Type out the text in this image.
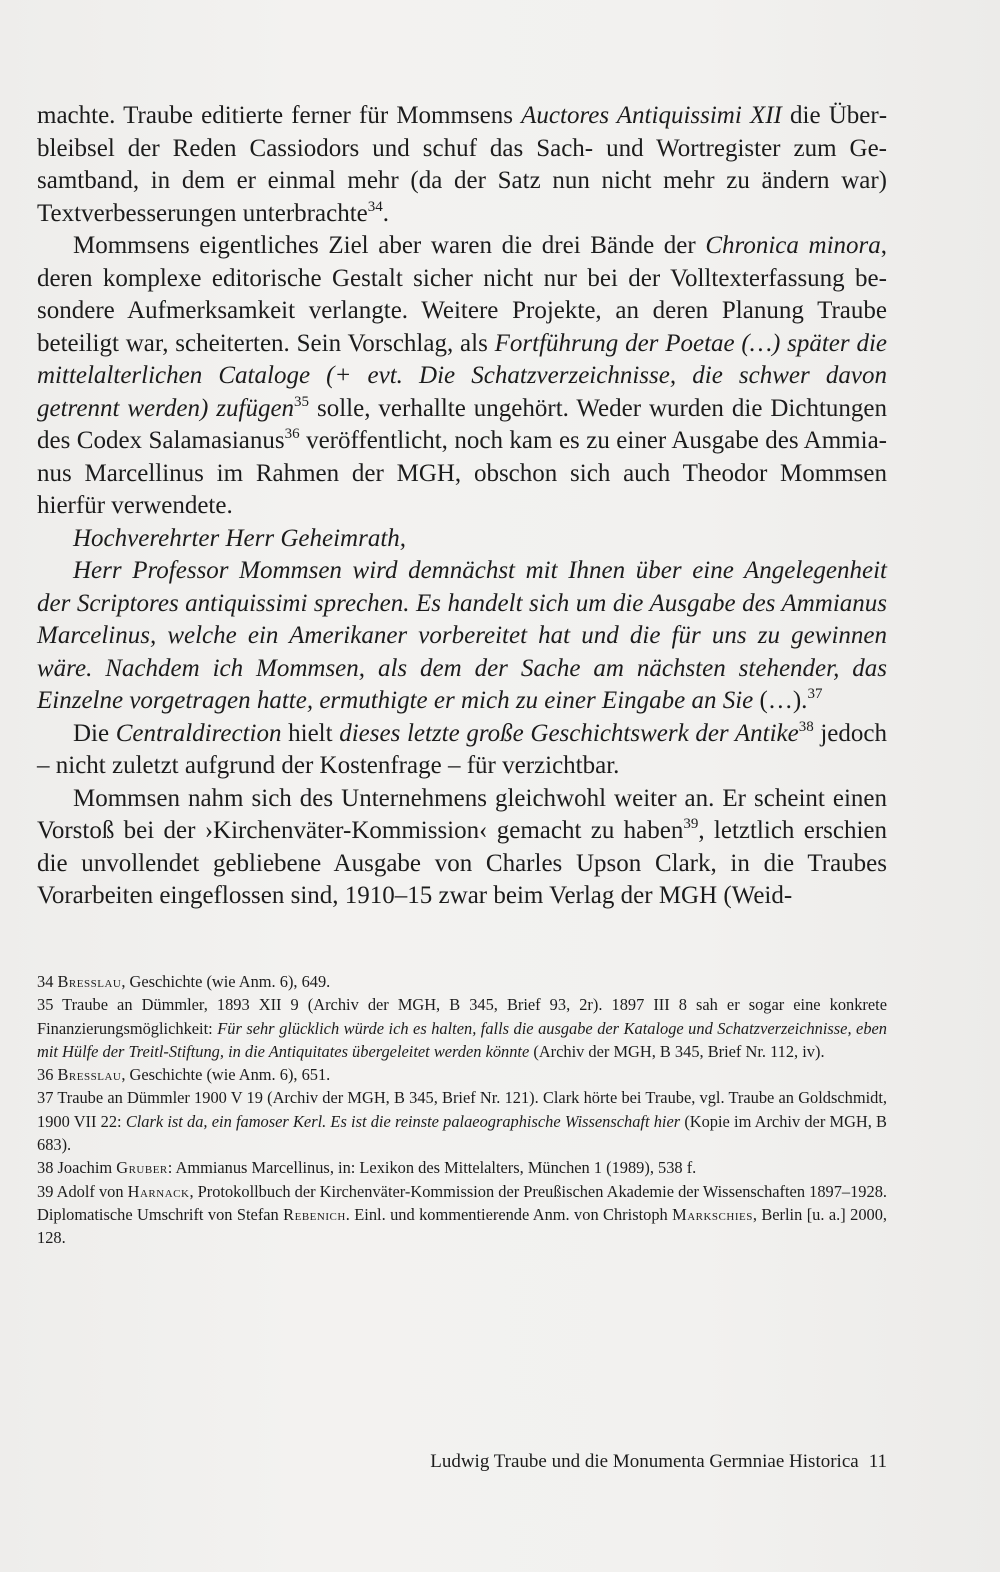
machte. Traube editierte ferner für Mommsens Auctores Antiquissimi XII die Überbleibsel der Reden Cassiodors und schuf das Sach- und Wortregister zum Gesamtband, in dem er einmal mehr (da der Satz nun nicht mehr zu ändern war) Textverbesserungen unterbrachte$^{34}$.

Mommsens eigentliches Ziel aber waren die drei Bände der Chronica minora, deren komplexe editorische Gestalt sicher nicht nur bei der Volltexterfassung besondere Aufmerksamkeit verlangte. Weitere Projekte, an deren Planung Traube beteiligt war, scheiterten. Sein Vorschlag, als Fortführung der Poetae (…) später die mittelalterlichen Cataloge (+ evt. Die Schatzverzeichnisse, die schwer davon getrennt werden) zufügen$^{35}$ solle, verhallte ungehört. Weder wurden die Dichtungen des Codex Salamasianus$^{36}$ veröffentlicht, noch kam es zu einer Ausgabe des Ammianus Marcellinus im Rahmen der MGH, obschon sich auch Theodor Mommsen hierfür verwendete.

Hochverehrter Herr Geheimrath,

Herr Professor Mommsen wird demnächst mit Ihnen über eine Angelegenheit der Scriptores antiquissimi sprechen. Es handelt sich um die Ausgabe des Ammianus Marcelinus, welche ein Amerikaner vorbereitet hat und die für uns zu gewinnen wäre. Nachdem ich Mommsen, als dem der Sache am nächsten stehender, das Einzelne vorgetragen hatte, ermuthigte er mich zu einer Eingabe an Sie (…).$^{37}$

Die Centraldirection hielt dieses letzte große Geschichtswerk der Antike$^{38}$ jedoch – nicht zuletzt aufgrund der Kostenfrage – für verzichtbar.

Mommsen nahm sich des Unternehmens gleichwohl weiter an. Er scheint einen Vorstoß bei der ›Kirchenväter-Kommission‹ gemacht zu haben$^{39}$, letztlich erschien die unvollendet gebliebene Ausgabe von Charles Upson Clark, in die Traubes Vorarbeiten eingeflossen sind, 1910–15 zwar beim Verlag der MGH (Weid-

34 Bresslau, Geschichte (wie Anm. 6), 649.

35 Traube an Dümmler, 1893 XII 9 (Archiv der MGH, B 345, Brief 93, 2r). 1897 III 8 sah er sogar eine konkrete Finanzierungsmöglichkeit: Für sehr glücklich würde ich es halten, falls die ausgabe der Kataloge und Schatzverzeichnisse, eben mit Hülfe der Treitl-Stiftung, in die Antiquitates übergeleitet werden könnte (Archiv der MGH, B 345, Brief Nr. 112, iv).

36 Bresslau, Geschichte (wie Anm. 6), 651.

37 Traube an Dümmler 1900 V 19 (Archiv der MGH, B 345, Brief Nr. 121). Clark hörte bei Traube, vgl. Traube an Goldschmidt, 1900 VII 22: Clark ist da, ein famoser Kerl. Es ist die reinste palaeographische Wissenschaft hier (Kopie im Archiv der MGH, B 683).

38 Joachim Gruber: Ammianus Marcellinus, in: Lexikon des Mittelalters, München 1 (1989), 538 f.

39 Adolf von Harnack, Protokollbuch der Kirchenväter-Kommission der Preußischen Akademie der Wissenschaften 1897–1928. Diplomatische Umschrift von Stefan Rebenich. Einl. und kommentierende Anm. von Christoph Markschies, Berlin [u. a.] 2000, 128.

Ludwig Traube und die Monumenta Germniae Historica 11
